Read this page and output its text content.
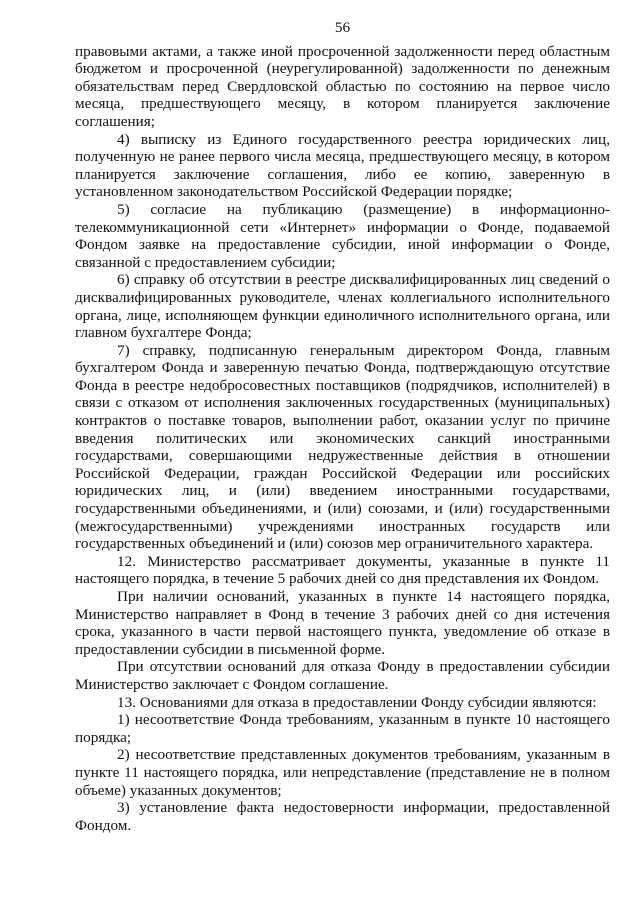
56

правовыми актами, а также иной просроченной задолженности перед областным бюджетом и просроченной (неурегулированной) задолженности по денежным обязательствам перед Свердловской областью по состоянию на первое число месяца, предшествующего месяцу, в котором планируется заключение соглашения;

4) выписку из Единого государственного реестра юридических лиц, полученную не ранее первого числа месяца, предшествующего месяцу, в котором планируется заключение соглашения, либо ее копию, заверенную в установленном законодательством Российской Федерации порядке;

5) согласие на публикацию (размещение) в информационно-телекоммуникационной сети «Интернет» информации о Фонде, подаваемой Фондом заявке на предоставление субсидии, иной информации о Фонде, связанной с предоставлением субсидии;

6) справку об отсутствии в реестре дисквалифицированных лиц сведений о дисквалифицированных руководителе, членах коллегиального исполнительного органа, лице, исполняющем функции единоличного исполнительного органа, или главном бухгалтере Фонда;

7) справку, подписанную генеральным директором Фонда, главным бухгалтером Фонда и заверенную печатью Фонда, подтверждающую отсутствие Фонда в реестре недобросовестных поставщиков (подрядчиков, исполнителей) в связи с отказом от исполнения заключенных государственных (муниципальных) контрактов о поставке товаров, выполнении работ, оказании услуг по причине введения политических или экономических санкций иностранными государствами, совершающими недружественные действия в отношении Российской Федерации, граждан Российской Федерации или российских юридических лиц, и (или) введением иностранными государствами, государственными объединениями, и (или) союзами, и (или) государственными (межгосударственными) учреждениями иностранных государств или государственных объединений и (или) союзов мер ограничительного характера.

12. Министерство рассматривает документы, указанные в пункте 11 настоящего порядка, в течение 5 рабочих дней со дня представления их Фондом.

При наличии оснований, указанных в пункте 14 настоящего порядка, Министерство направляет в Фонд в течение 3 рабочих дней со дня истечения срока, указанного в части первой настоящего пункта, уведомление об отказе в предоставлении субсидии в письменной форме.

При отсутствии оснований для отказа Фонду в предоставлении субсидии Министерство заключает с Фондом соглашение.

13. Основаниями для отказа в предоставлении Фонду субсидии являются:

1) несоответствие Фонда требованиям, указанным в пункте 10 настоящего порядка;

2) несоответствие представленных документов требованиям, указанным в пункте 11 настоящего порядка, или непредставление (представление не в полном объеме) указанных документов;

3) установление факта недостоверности информации, предоставленной Фондом.
